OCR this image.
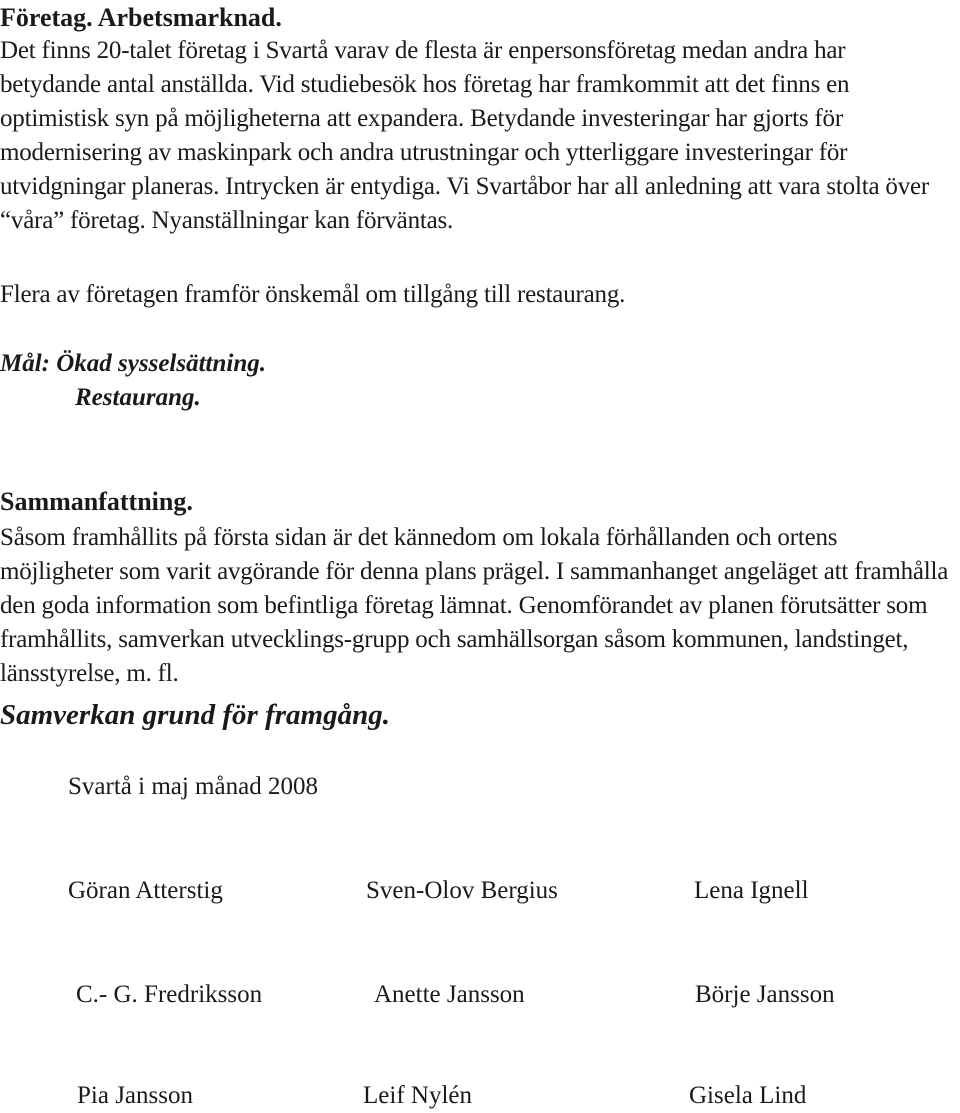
Företag. Arbetsmarknad.

Det finns 20-talet företag i Svartå varav de flesta är enpersonsföretag medan andra har betydande antal anställda. Vid studiebesök hos företag har framkommit att det finns en optimistisk syn på möjligheterna att expandera. Betydande investeringar har gjorts för modernisering av maskinpark och andra utrustningar och ytterliggare investeringar för utvidgningar planeras. Intrycken är entydiga. Vi Svartåbor har all anledning att vara stolta över “våra” företag. Nyanställningar kan förväntas.

Flera av företagen framför önskemål om tillgång till restaurang.

Mål: Ökad sysselsättning.

Restaurang.

Sammanfattning.

Såsom framhållits på första sidan är det kännedom om lokala förhållanden och ortens möjligheter som varit avgörande för denna plans prägel. I sammanhanget angeläget att framhålla den goda information som befintliga företag lämnat. Genomförandet av planen förutsätter som framhållits, samverkan utvecklings-grupp och samhällsorgan såsom kommunen, landstinget, länsstyrelse, m. fl.

Samverkan grund för framgång.

Svartå i maj månad 2008

Göran Atterstig	Sven-Olov Bergius	Lena Ignell
C.- G. Fredriksson	Anette Jansson	Börje Jansson
Pia Jansson	Leif Nylén	Gisela Lind
